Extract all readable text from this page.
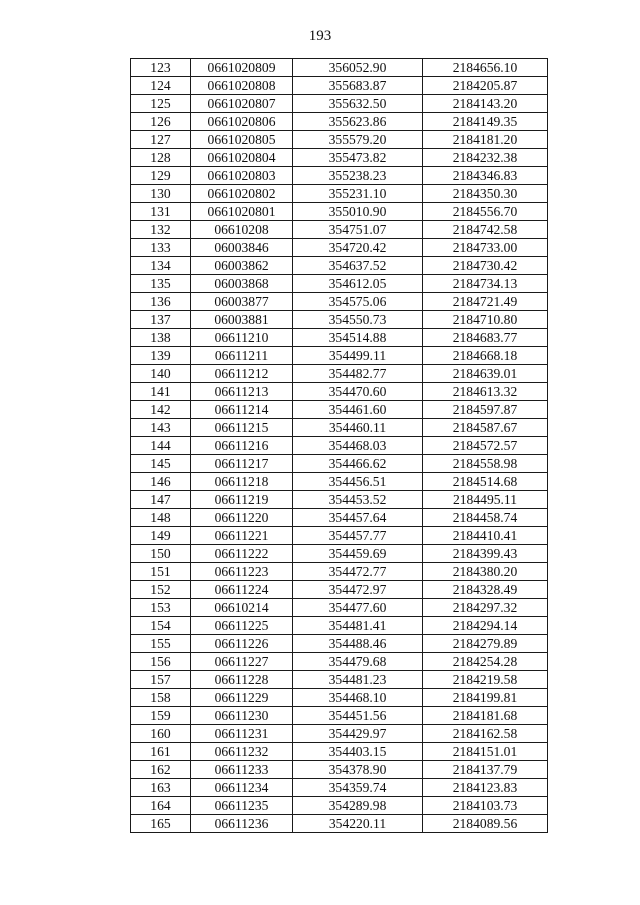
193
123	0661020809	356052.90	2184656.10
124	0661020808	355683.87	2184205.87
125	0661020807	355632.50	2184143.20
126	0661020806	355623.86	2184149.35
127	0661020805	355579.20	2184181.20
128	0661020804	355473.82	2184232.38
129	0661020803	355238.23	2184346.83
130	0661020802	355231.10	2184350.30
131	0661020801	355010.90	2184556.70
132	06610208	354751.07	2184742.58
133	06003846	354720.42	2184733.00
134	06003862	354637.52	2184730.42
135	06003868	354612.05	2184734.13
136	06003877	354575.06	2184721.49
137	06003881	354550.73	2184710.80
138	06611210	354514.88	2184683.77
139	06611211	354499.11	2184668.18
140	06611212	354482.77	2184639.01
141	06611213	354470.60	2184613.32
142	06611214	354461.60	2184597.87
143	06611215	354460.11	2184587.67
144	06611216	354468.03	2184572.57
145	06611217	354466.62	2184558.98
146	06611218	354456.51	2184514.68
147	06611219	354453.52	2184495.11
148	06611220	354457.64	2184458.74
149	06611221	354457.77	2184410.41
150	06611222	354459.69	2184399.43
151	06611223	354472.77	2184380.20
152	06611224	354472.97	2184328.49
153	06610214	354477.60	2184297.32
154	06611225	354481.41	2184294.14
155	06611226	354488.46	2184279.89
156	06611227	354479.68	2184254.28
157	06611228	354481.23	2184219.58
158	06611229	354468.10	2184199.81
159	06611230	354451.56	2184181.68
160	06611231	354429.97	2184162.58
161	06611232	354403.15	2184151.01
162	06611233	354378.90	2184137.79
163	06611234	354359.74	2184123.83
164	06611235	354289.98	2184103.73
165	06611236	354220.11	2184089.56
